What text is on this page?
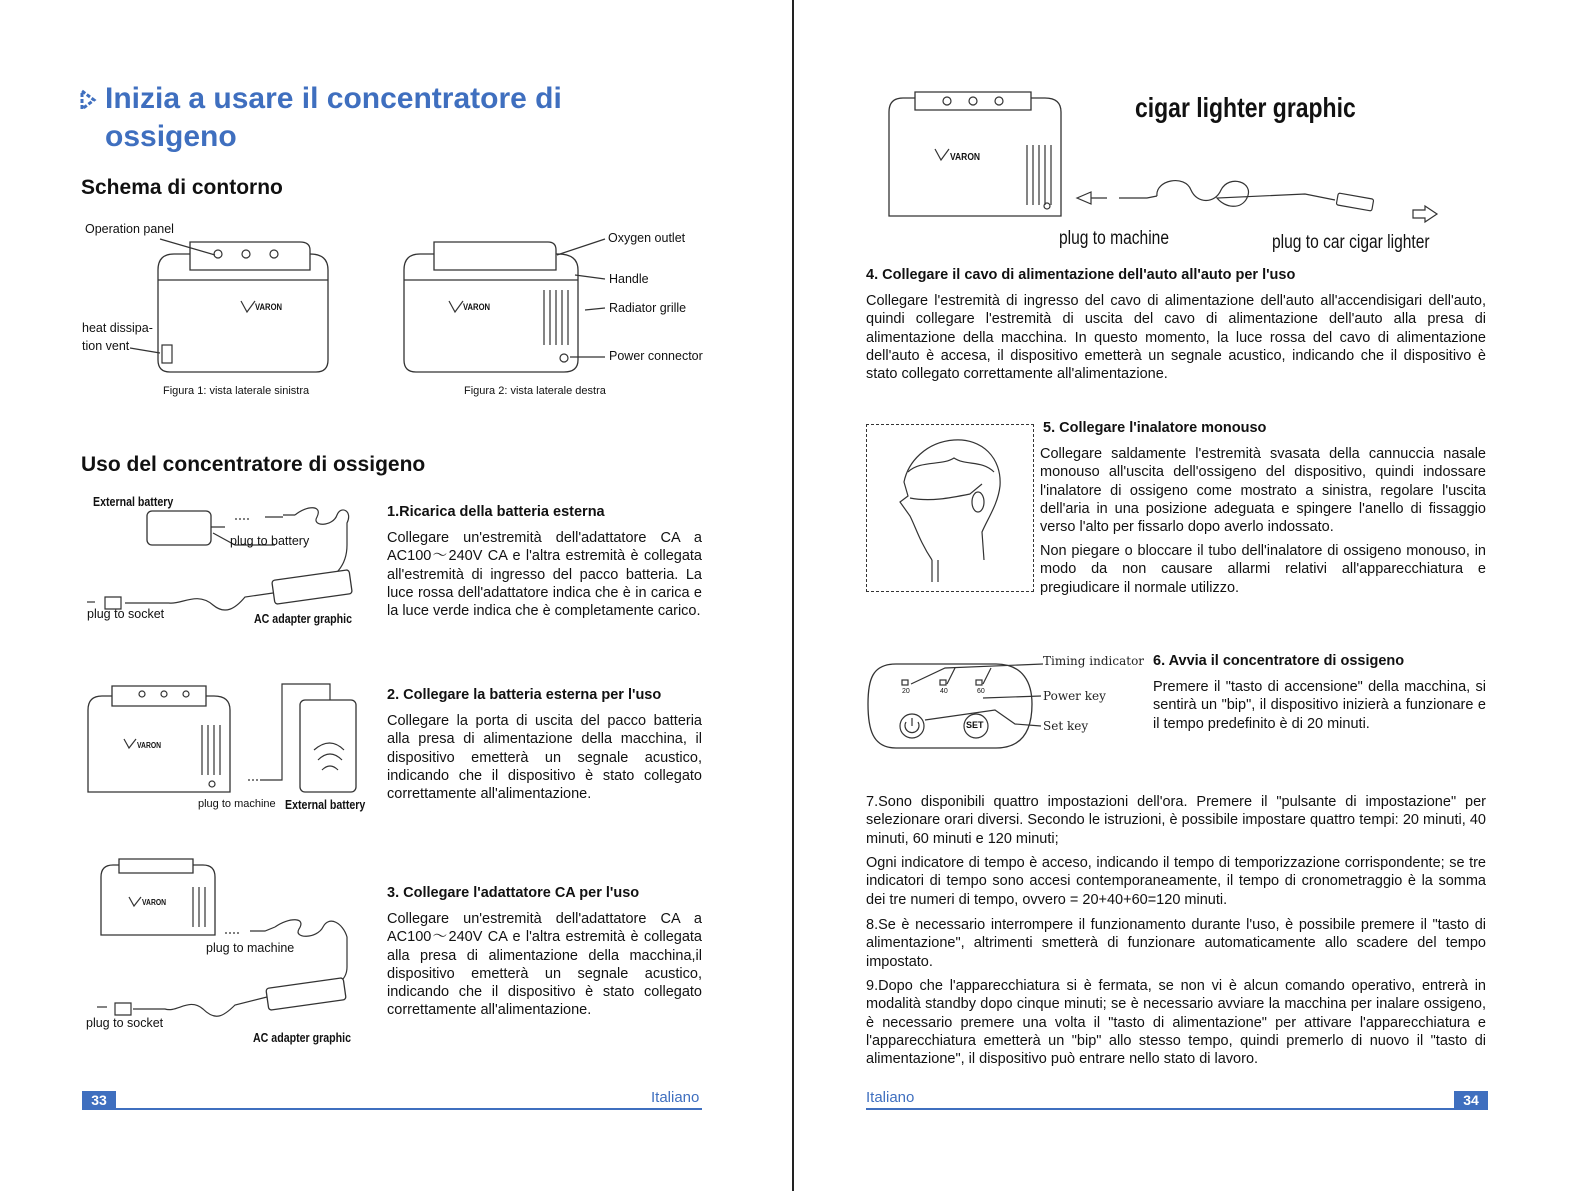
Inizia a usare il concentratore di
ossigeno
Schema di contorno
VARON
Operation panel
heat dissipa-
tion vent
Figura 1: vista laterale sinistra
VARON
Oxygen outlet
Handle
Radiator grille
Power connector
Figura 2: vista laterale destra
Uso del concentratore di ossigeno
External battery
plug to battery
plug to socket	AC adapter graphic
1.Ricarica della batteria esterna
Collegare un'estremità dell'adattatore CA a AC100〜240V CA e l'altra estremità è collegata all'estremità di ingresso del pacco batteria. La luce rossa dell'adattatore indica che è in carica e la luce verde indica che è completamente carico.
VARON
plug to machine External battery
2. Collegare la batteria esterna per l'uso
Collegare la porta di uscita del pacco batteria alla presa di alimentazione della macchina, il dispositivo emetterà un segnale acustico, indicando che il dispositivo è stato collegato correttamente all'alimentazione.
VARON
plug to machine
plug to socket
AC adapter graphic
3. Collegare l'adattatore CA per l'uso
Collegare un'estremità dell'adattatore CA a AC100〜240V CA e l'altra estremità è collegata alla presa di alimentazione della macchina,il dispositivo emetterà un segnale acustico, indicando che il dispositivo è stato collegato correttamente all'alimentazione.
33	Italiano
VARON
cigar lighter graphic
plug to machine	plug to car cigar lighter
4. Collegare il cavo di alimentazione dell'auto all'auto per l'uso
Collegare l'estremità di ingresso del cavo di alimentazione dell'auto all'accendisigari dell'auto, quindi collegare l'estremità di uscita del cavo di alimentazione dell'auto alla presa di alimentazione della macchina. In questo momento, la luce rossa del cavo di alimentazione dell'auto è accesa, il dispositivo emetterà un segnale acustico, indicando che il dispositivo è stato collegato correttamente all'alimentazione.
5. Collegare l'inalatore monouso
Collegare saldamente l'estremità svasata della cannuccia nasale monouso all'uscita dell'ossigeno del dispositivo, quindi indossare l'inalatore di ossigeno come mostrato a sinistra, regolare l'uscita dell'aria in una posizione adeguata e spingere l'anello di fissaggio verso l'alto per fissarlo dopo averlo indossato.
Non piegare o bloccare il tubo dell'inalatore di ossigeno monouso, in modo da non causare allarmi relativi all'apparecchiatura e pregiudicare il normale utilizzo.
20	40	60
SET
Timing indicator
Power key
Set key
6. Avvia il concentratore di ossigeno
Premere il "tasto di accensione" della macchina, si sentirà un "bip", il dispositivo inizierà a funzionare e il tempo predefinito è di 20 minuti.
7.Sono disponibili quattro impostazioni dell'ora. Premere il "pulsante di impostazione" per selezionare orari diversi. Secondo le istruzioni, è possibile impostare quattro tempi: 20 minuti, 40 minuti, 60 minuti e 120 minuti;
Ogni indicatore di tempo è acceso, indicando il tempo di temporizzazione corrispondente; se tre indicatori di tempo sono accesi contemporaneamente, il tempo di cronometraggio è la somma dei tre numeri di tempo, ovvero = 20+40+60=120 minuti.
8.Se è necessario interrompere il funzionamento durante l'uso, è possibile premere il "tasto di alimentazione", altrimenti smetterà di funzionare automaticamente allo scadere del tempo impostato.
9.Dopo che l'apparecchiatura si è fermata, se non vi è alcun comando operativo, entrerà in modalità standby dopo cinque minuti; se è necessario avviare la macchina per inalare ossigeno, è necessario premere una volta il "tasto di alimentazione" per attivare l'apparecchiatura e l'apparecchiatura emetterà un "bip" allo stesso tempo, quindi premerlo di nuovo il "tasto di alimentazione", il dispositivo può entrare nello stato di lavoro.
Italiano	34
